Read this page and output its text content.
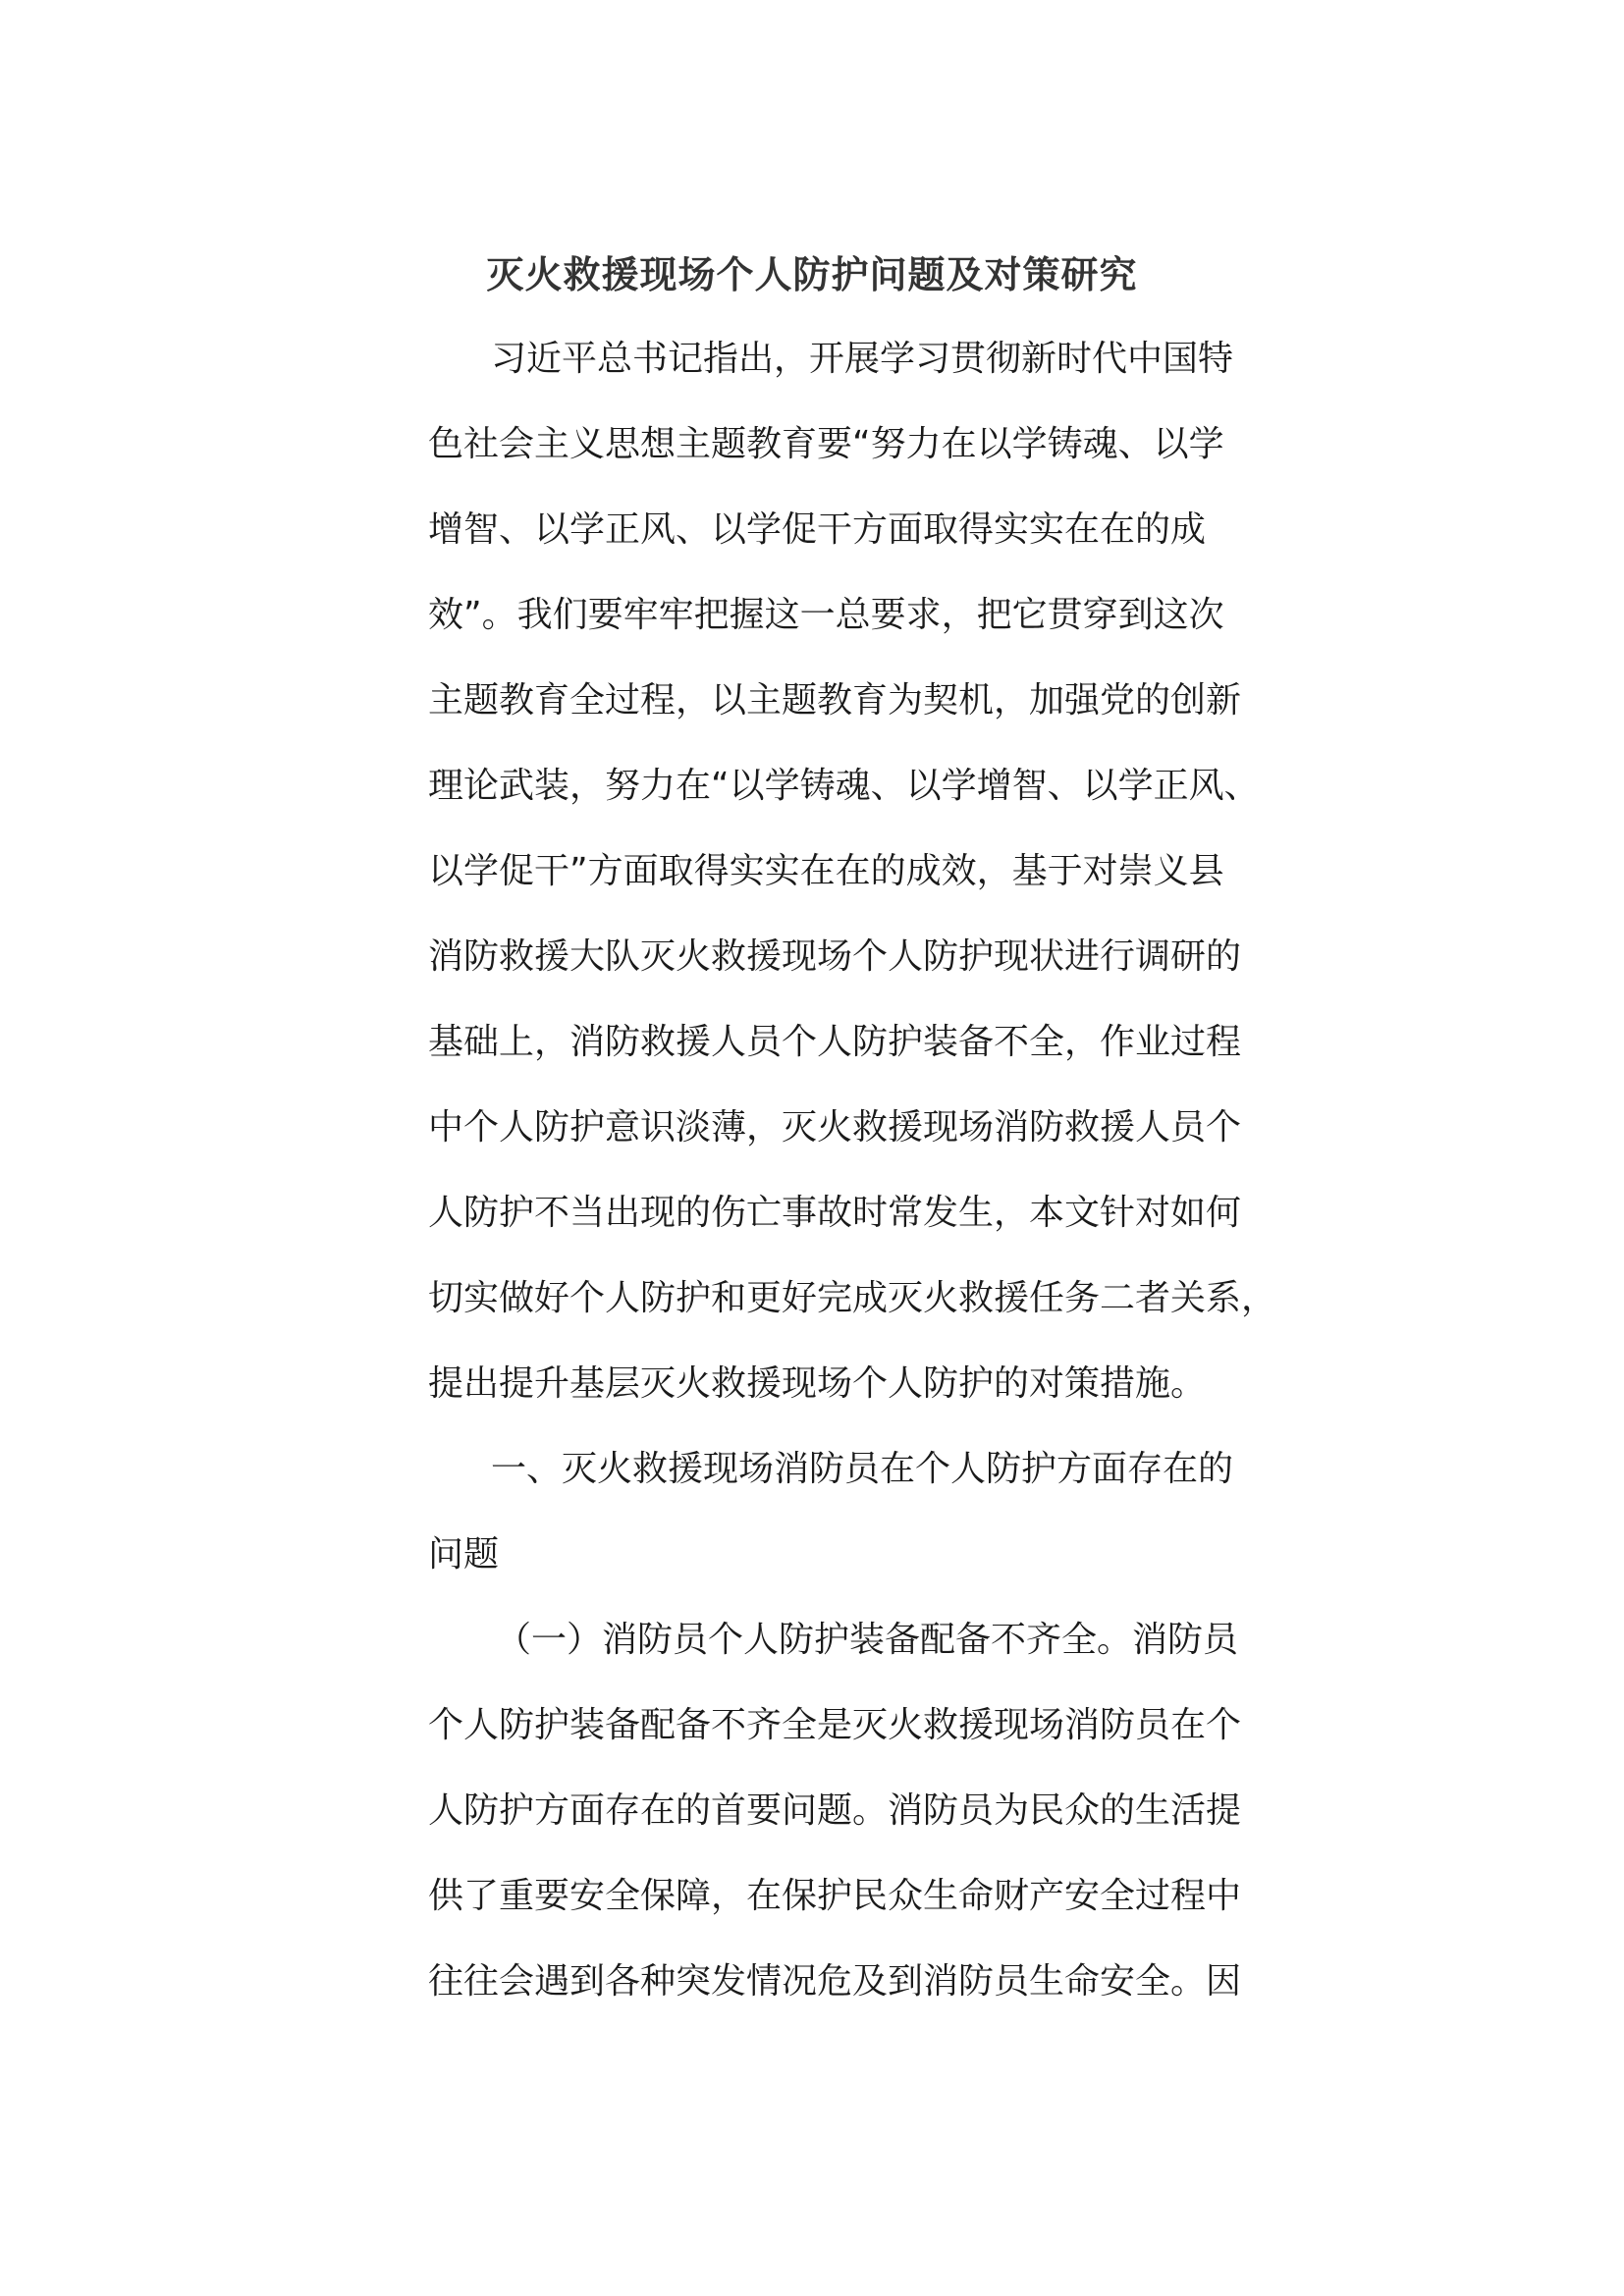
灭火救援现场个人防护问题及对策研究
习近平总书记指出，开展学习贯彻新时代中国特
色社会主义思想主题教育要“努力在以学铸魂、以学
增智、以学正风、以学促干方面取得实实在在的成
效”。我们要牢牢把握这一总要求，把它贯穿到这次
主题教育全过程，以主题教育为契机，加强党的创新
理论武装，努力在“以学铸魂、以学增智、以学正风、
以学促干”方面取得实实在在的成效，基于对崇义县
消防救援大队灭火救援现场个人防护现状进行调研的
基础上，消防救援人员个人防护装备不全，作业过程
中个人防护意识淡薄，灭火救援现场消防救援人员个
人防护不当出现的伤亡事故时常发生，本文针对如何
切实做好个人防护和更好完成灭火救援任务二者关系，
提出提升基层灭火救援现场个人防护的对策措施。
一、灭火救援现场消防员在个人防护方面存在的
问题
（一）消防员个人防护装备配备不齐全。消防员
个人防护装备配备不齐全是灭火救援现场消防员在个
人防护方面存在的首要问题。消防员为民众的生活提
供了重要安全保障，在保护民众生命财产安全过程中
往往会遇到各种突发情况危及到消防员生命安全。因
